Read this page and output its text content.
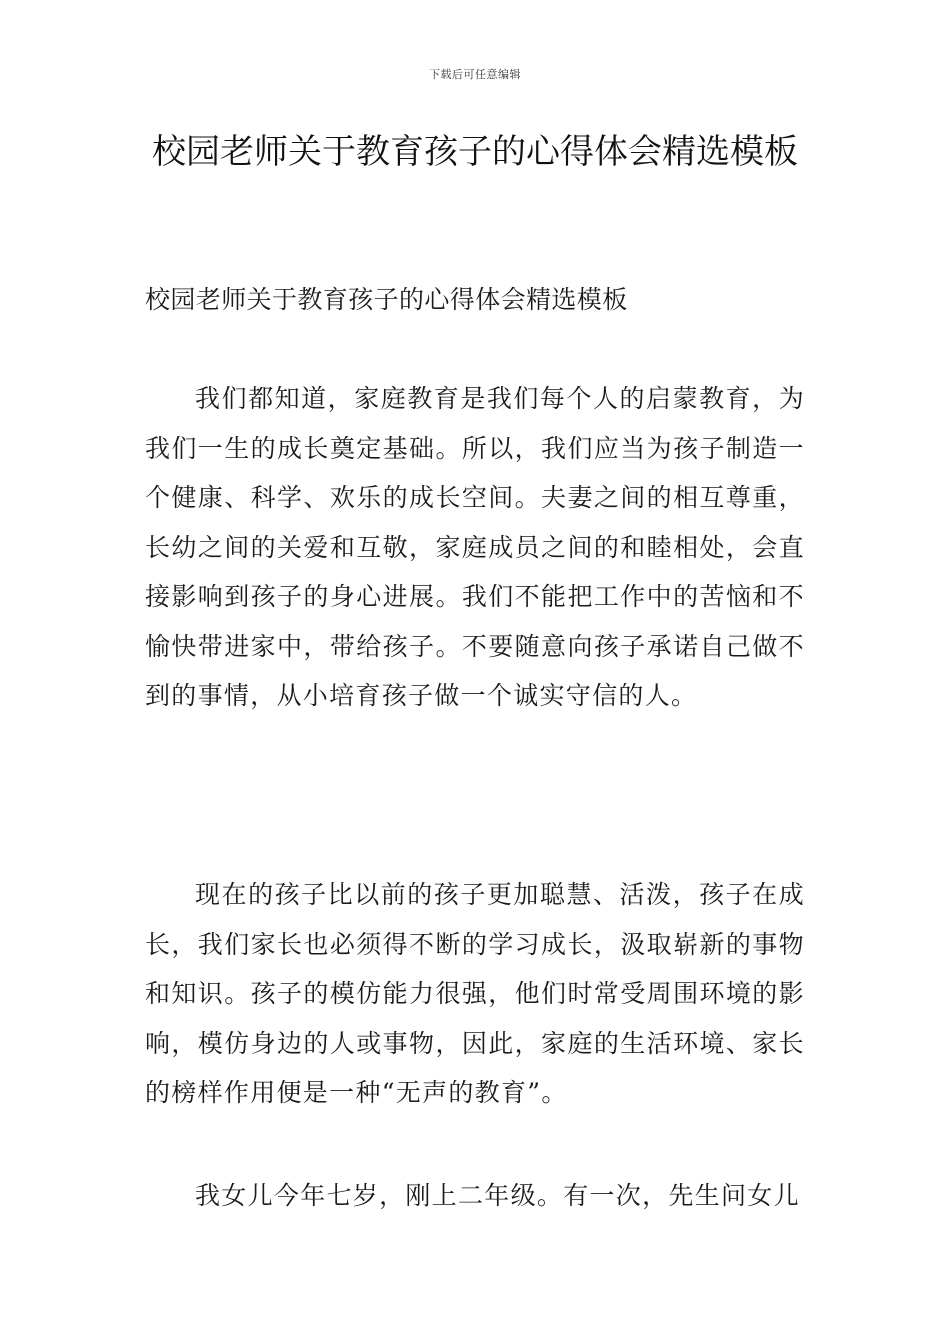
下载后可任意编辑
校园老师关于教育孩子的心得体会精选模板

校园老师关于教育孩子的心得体会精选模板

我们都知道，家庭教育是我们每个人的启蒙教育，为我们一生的成长奠定基础。所以，我们应当为孩子制造一个健康、科学、欢乐的成长空间。夫妻之间的相互尊重，长幼之间的关爱和互敬，家庭成员之间的和睦相处，会直接影响到孩子的身心进展。我们不能把工作中的苦恼和不愉快带进家中，带给孩子。不要随意向孩子承诺自己做不到的事情，从小培育孩子做一个诚实守信的人。

现在的孩子比以前的孩子更加聪慧、活泼，孩子在成长，我们家长也必须得不断的学习成长，汲取崭新的事物和知识。孩子的模仿能力很强，他们时常受周围环境的影响，模仿身边的人或事物，因此，家庭的生活环境、家长的榜样作用便是一种“无声的教育”。

我女儿今年七岁，刚上二年级。有一次，先生问女儿
